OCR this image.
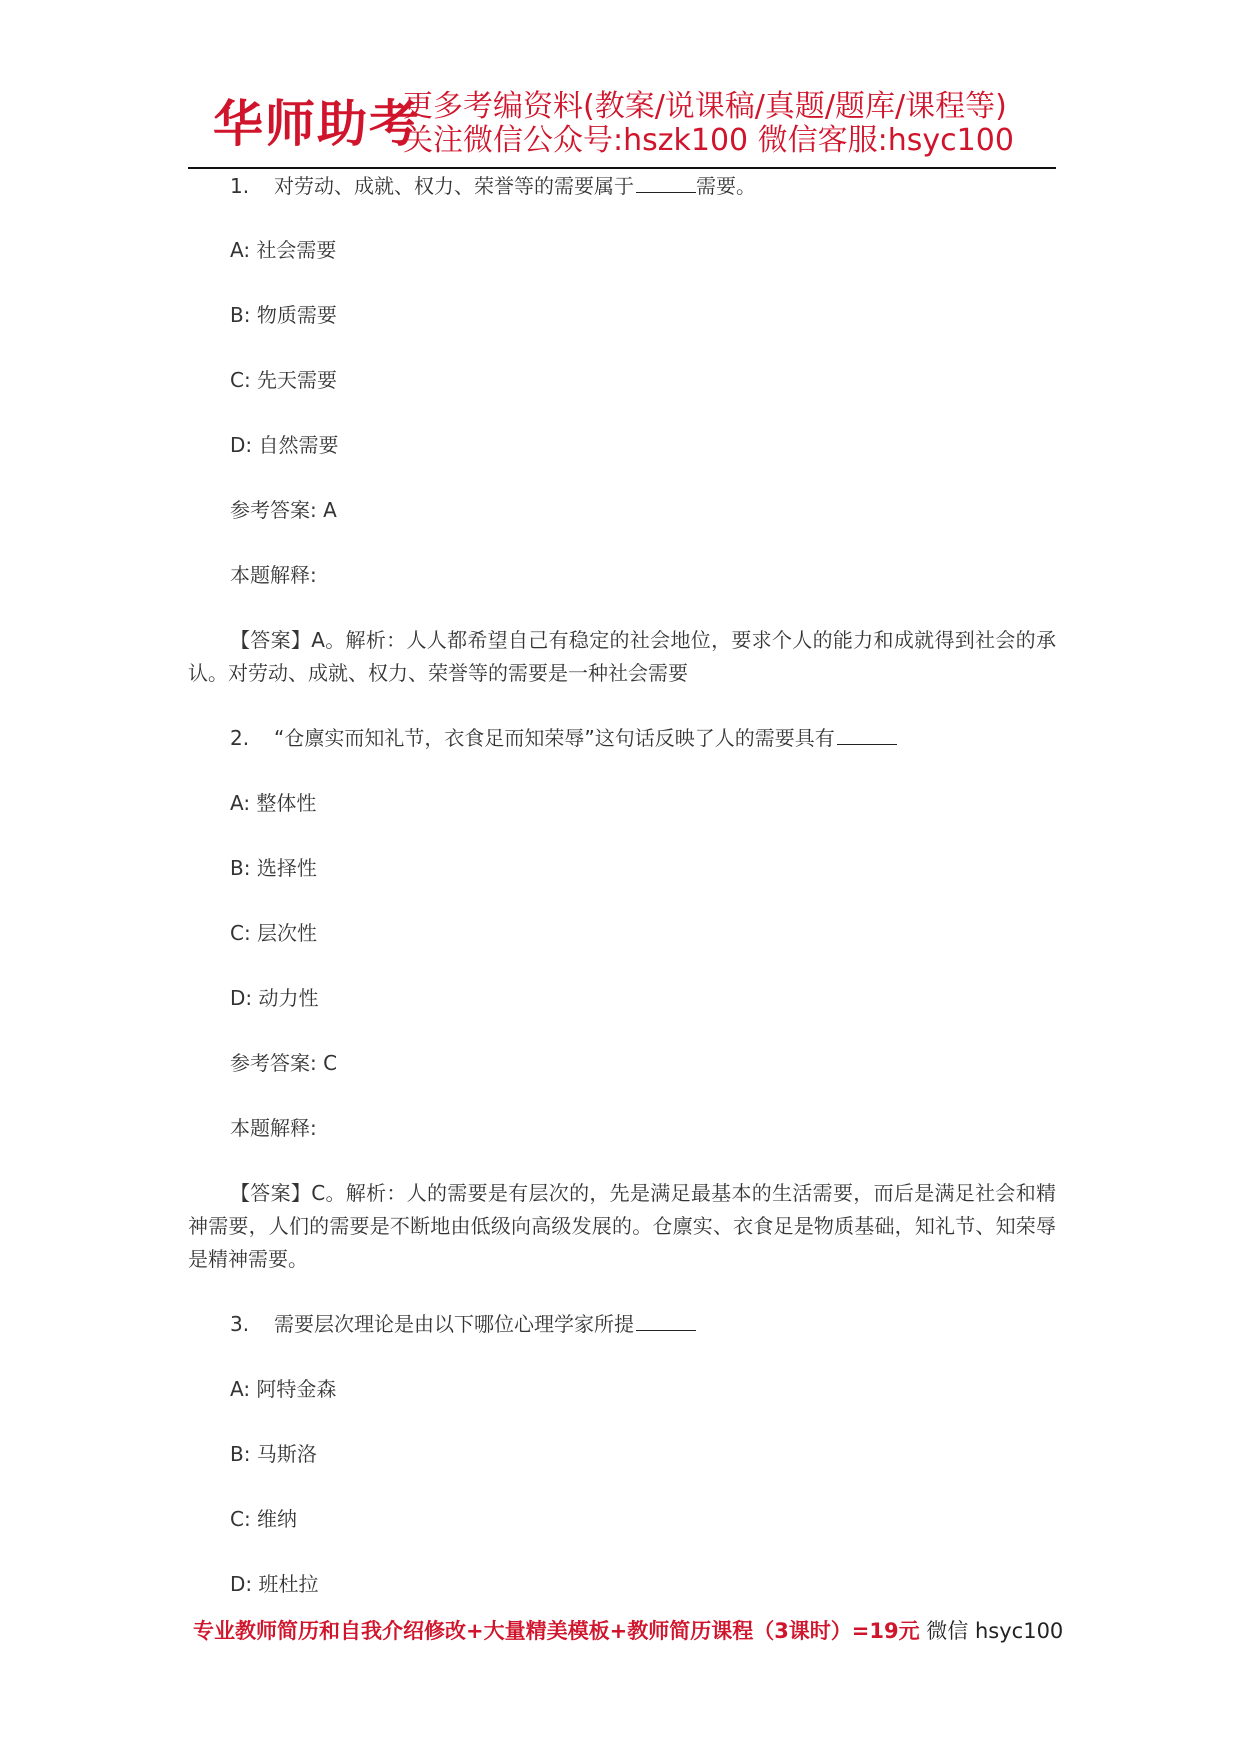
华师助考
更多考编资料(教案/说课稿/真题/题库/课程等)
关注微信公众号:hszk100 微信客服:hsyc100
1. 对劳动、成就、权力、荣誉等的需要属于	需要。
A: 社会需要
B: 物质需要
C: 先天需要
D: 自然需要
参考答案: A
本题解释:
【答案】A。解析：人人都希望自己有稳定的社会地位，要求个人的能力和成就得到社会的承认。对劳动、成就、权力、荣誉等的需要是一种社会需要
2. “仓廪实而知礼节，衣食足而知荣辱”这句话反映了人的需要具有
A: 整体性
B: 选择性
C: 层次性
D: 动力性
参考答案: C
本题解释:
【答案】C。解析：人的需要是有层次的，先是满足最基本的生活需要，而后是满足社会和精神需要，人们的需要是不断地由低级向高级发展的。仓廪实、衣食足是物质基础，知礼节、知荣辱是精神需要。
3. 需要层次理论是由以下哪位心理学家所提
A: 阿特金森
B: 马斯洛
C: 维纳
D: 班杜拉
专业教师简历和自我介绍修改+大量精美模板+教师简历课程（3课时）=19元 微信 hsyc100
